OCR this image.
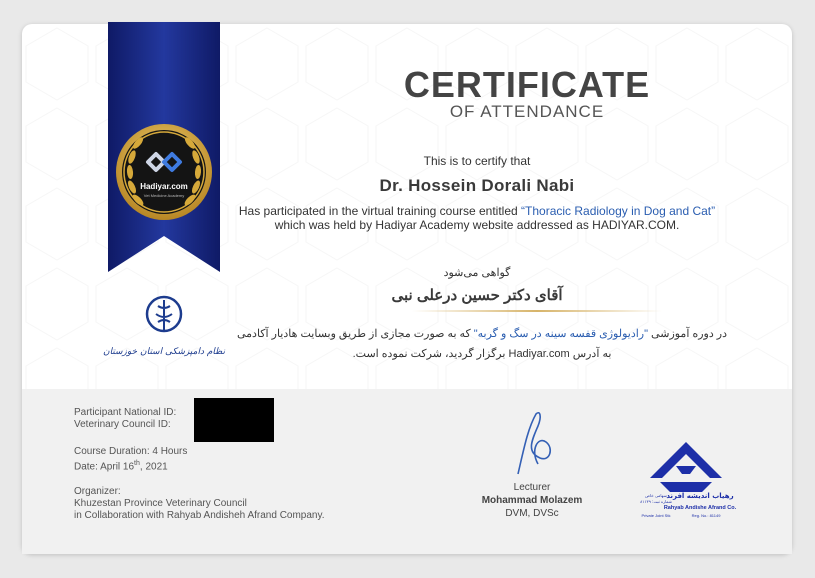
Hadiyar.com
Vet Medicine Academy
CERTIFICATE
OF ATTENDANCE
This is to certify that
Dr. Hossein Dorali Nabi
Has participated in the virtual training course entitled “Thoracic Radiology in Dog and Cat”
which was held by Hadiyar Academy website addressed as HADIYAR.COM.
گواهی می‌شود
آقای دکتر حسین درعلی نبی
در دوره آموزشی "رادیولوژی قفسه سینه در سگ و گربه" که به صورت مجازی از طریق وبسایت هادیار آکادمی
به آدرس Hadiyar.com برگزار گردید، شرکت نموده است.
نظام دامپزشکی استان خوزستان
Participant National ID:
Veterinary Council ID:
Course Duration: 4 Hours
Date: April 16th, 2021
Organizer:
Khuzestan Province Veterinary Council
in Collaboration with Rahyab Andisheh Afrand Company.
Lecturer
Mohammad Molazem
DVM, DVSc
رهیاب اندیشه افرند
سهامی خاص
شماره ثبت: ۸۱۱۳۹
Rahyab Andishe Afrand Co.
Private Joint Stk	Reg. No.: 81149
